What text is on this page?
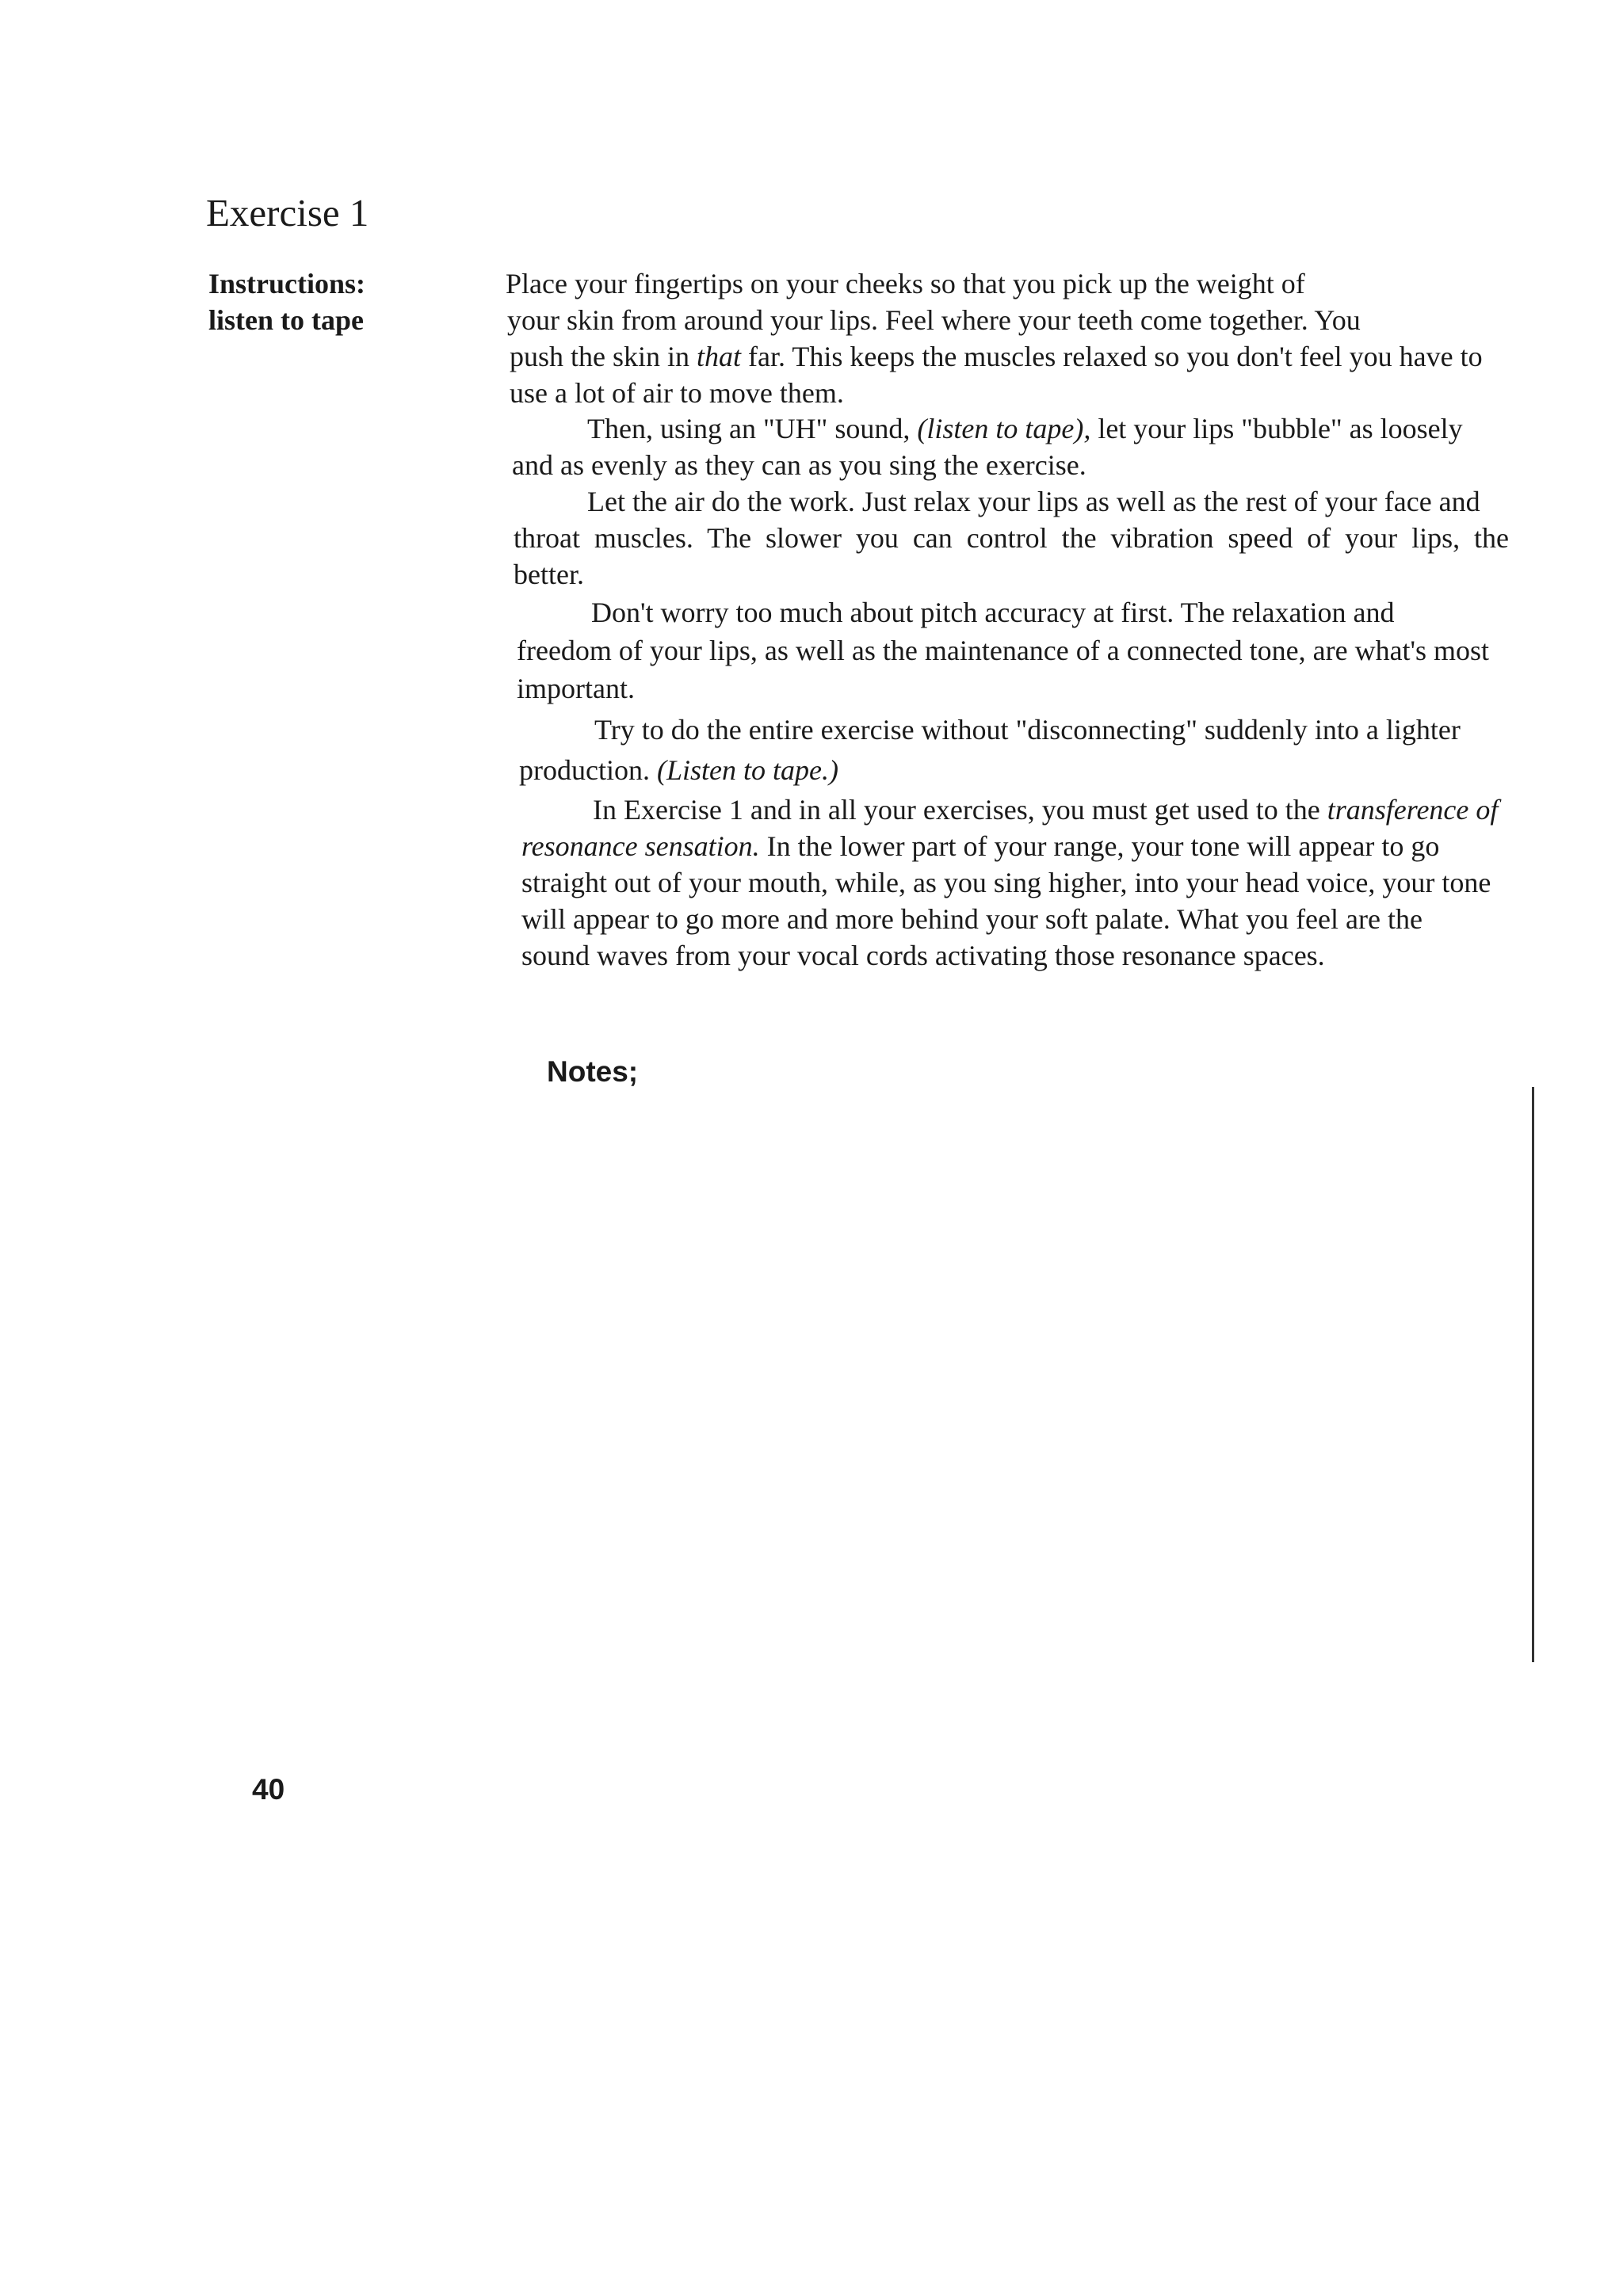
Exercise 1
Instructions:
listen to tape
Place your fingertips on your cheeks so that you pick up the weight of
your skin from around your lips. Feel where your teeth come together. You
push the skin in that far. This keeps the muscles relaxed so you don't feel you have to
use a lot of air to move them.
Then, using an "UH" sound, (listen to tape), let your lips "bubble" as loosely
and as evenly as they can as you sing the exercise.
Let the air do the work. Just relax your lips as well as the rest of your face and
throat muscles. The slower you can control the vibration speed of your lips, the
better.
Don't worry too much about pitch accuracy at first. The relaxation and
freedom of your lips, as well as the maintenance of a connected tone, are what's most
important.
Try to do the entire exercise without "disconnecting" suddenly into a lighter
production. (Listen to tape.)
In Exercise 1 and in all your exercises, you must get used to the transference of
resonance sensation. In the lower part of your range, your tone will appear to go
straight out of your mouth, while, as you sing higher, into your head voice, your tone
will appear to go more and more behind your soft palate. What you feel are the
sound waves from your vocal cords activating those resonance spaces.
Notes;
40
